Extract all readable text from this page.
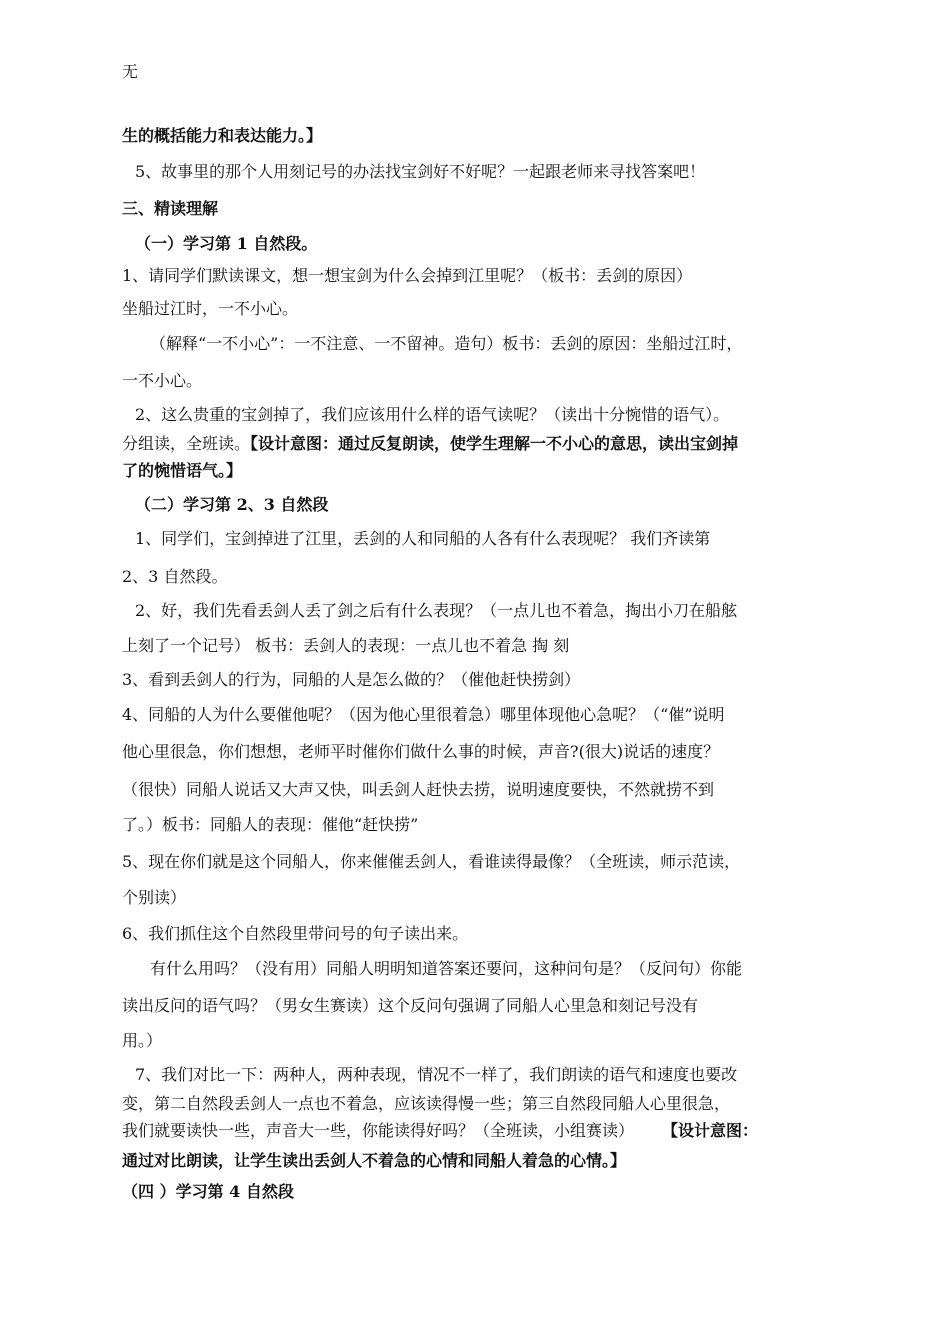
无
生的概括能力和表达能力。】
5、故事里的那个人用刻记号的办法找宝剑好不好呢？一起跟老师来寻找答案吧！
三、精读理解
（一）学习第 1 自然段。
1、请同学们默读课文，想一想宝剑为什么会掉到江里呢？（板书：丢剑的原因）
坐船过江时，一不小心。
（解释“一不小心”：一不注意、一不留神。造句）板书：丢剑的原因：坐船过江时，
一不小心。
2、这么贵重的宝剑掉了，我们应该用什么样的语气读呢？（读出十分惋惜的语气）。
分组读，全班读。【设计意图：通过反复朗读，使学生理解一不小心的意思，读出宝剑掉
了的惋惜语气。】
（二）学习第 2、3 自然段
1、同学们，宝剑掉进了江里，丢剑的人和同船的人各有什么表现呢？ 我们齐读第
2、3 自然段。
2、好，我们先看丢剑人丢了剑之后有什么表现？（一点儿也不着急，掏出小刀在船舷
上刻了一个记号） 板书：丢剑人的表现：一点儿也不着急 掏 刻
3、看到丢剑人的行为，同船的人是怎么做的？（催他赶快捞剑）
4、同船的人为什么要催他呢？（因为他心里很着急）哪里体现他心急呢？（“催”说明
他心里很急，你们想想，老师平时催你们做什么事的时候，声音?(很大)说话的速度？
（很快）同船人说话又大声又快，叫丢剑人赶快去捞，说明速度要快，不然就捞不到
了。）板书：同船人的表现：催他“赶快捞”
5、现在你们就是这个同船人，你来催催丢剑人，看谁读得最像？（全班读，师示范读，
个别读）
6、我们抓住这个自然段里带问号的句子读出来。
有什么用吗？（没有用）同船人明明知道答案还要问，这种问句是？（反问句）你能
读出反问的语气吗？（男女生赛读）这个反问句强调了同船人心里急和刻记号没有
用。）
7、我们对比一下：两种人，两种表现，情况不一样了，我们朗读的语气和速度也要改
变，第二自然段丢剑人一点也不着急，应该读得慢一些；第三自然段同船人心里很急，
我们就要读快一些，声音大一些，你能读得好吗？（全班读，小组赛读） 【设计意图：
通过对比朗读，让学生读出丢剑人不着急的心情和同船人着急的心情。】
（四 ）学习第 4 自然段
